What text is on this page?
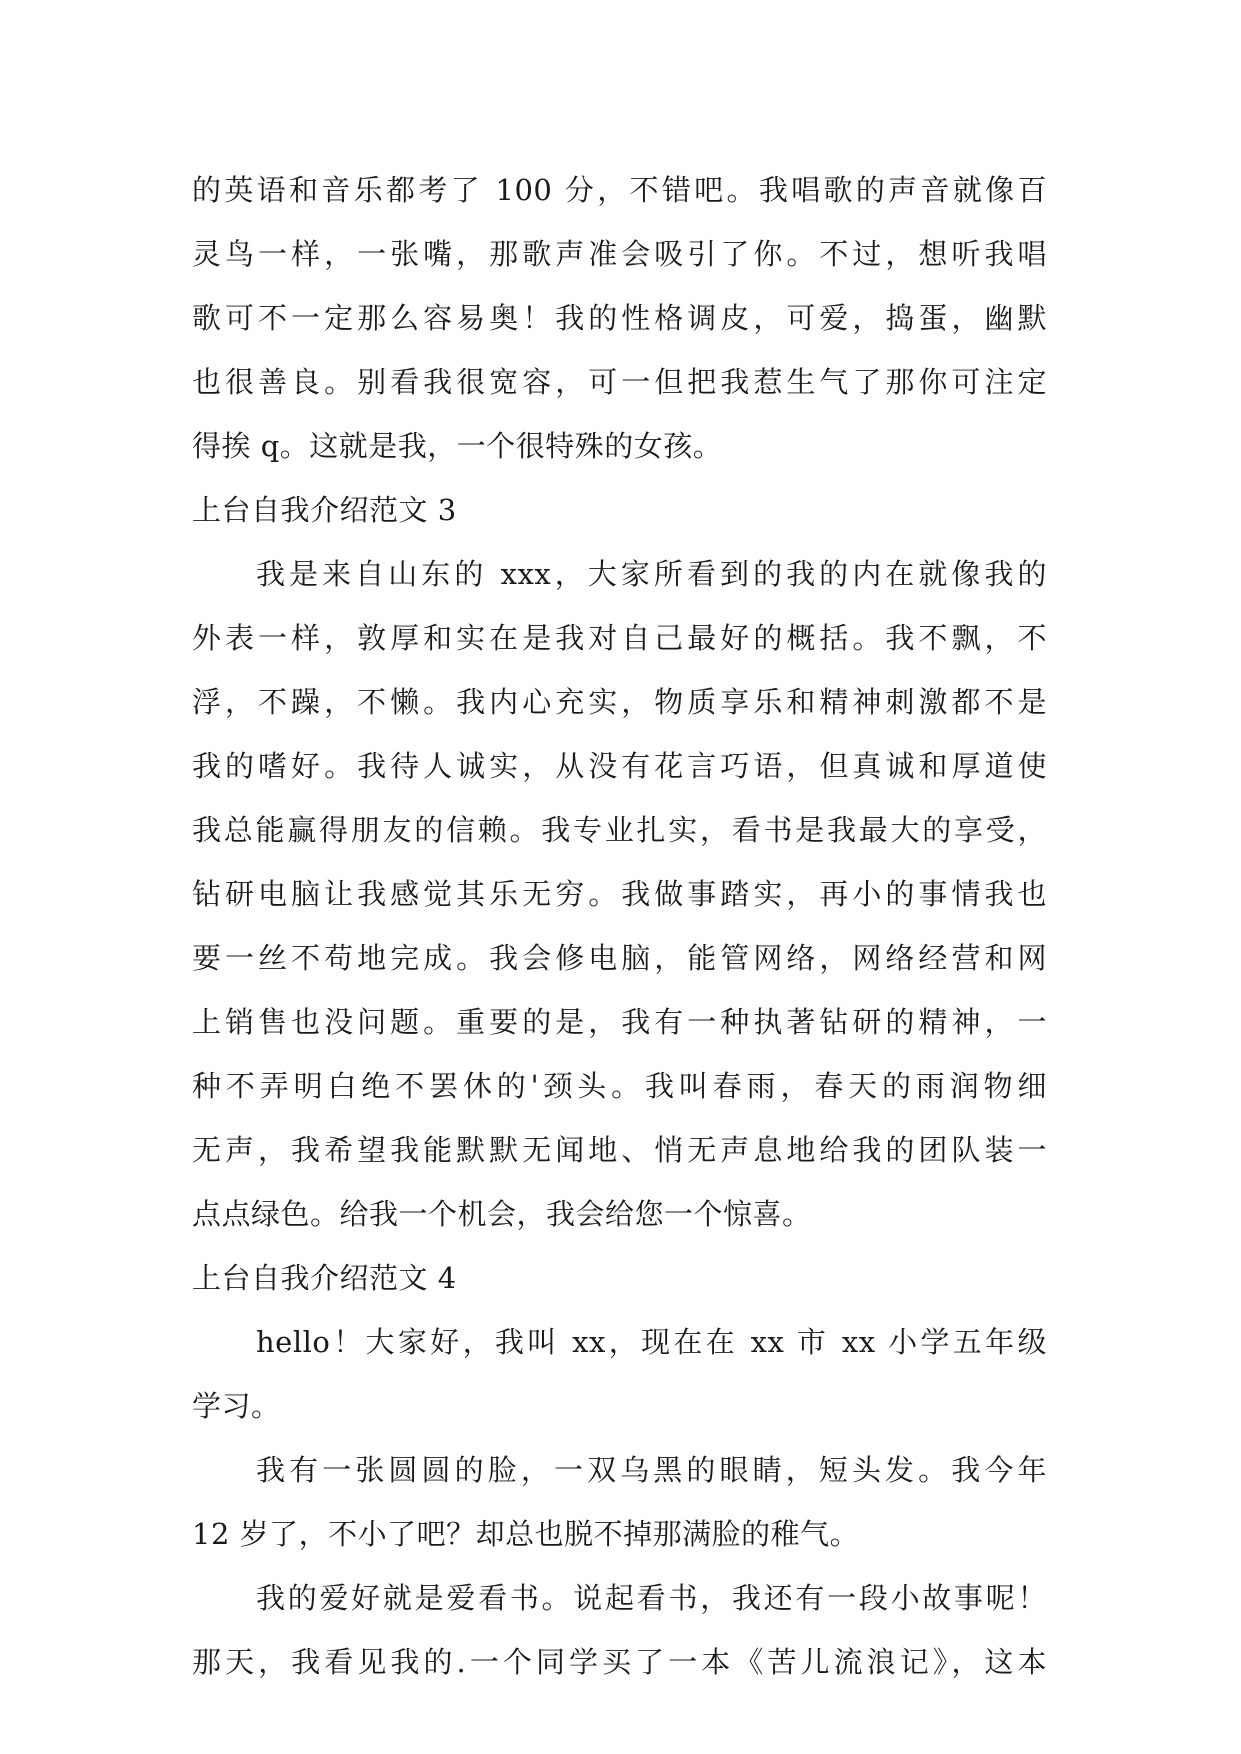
的英语和音乐都考了 100 分，不错吧。我唱歌的声音就像百
灵鸟一样，一张嘴，那歌声准会吸引了你。不过，想听我唱
歌可不一定那么容易奥！我的性格调皮，可爱，捣蛋，幽默
也很善良。别看我很宽容，可一但把我惹生气了那你可注定
得挨 q。这就是我，一个很特殊的女孩。
上台自我介绍范文 3
我是来自山东的 xxx，大家所看到的我的内在就像我的
外表一样，敦厚和实在是我对自己最好的概括。我不飘，不
浮，不躁，不懒。我内心充实，物质享乐和精神刺激都不是
我的嗜好。我待人诚实，从没有花言巧语，但真诚和厚道使
我总能赢得朋友的信赖。我专业扎实，看书是我最大的享受，
钻研电脑让我感觉其乐无穷。我做事踏实，再小的事情我也
要一丝不苟地完成。我会修电脑，能管网络，网络经营和网
上销售也没问题。重要的是，我有一种执著钻研的精神，一
种不弄明白绝不罢休的'颈头。我叫春雨，春天的雨润物细
无声，我希望我能默默无闻地、悄无声息地给我的团队装一
点点绿色。给我一个机会，我会给您一个惊喜。
上台自我介绍范文 4
hello！大家好，我叫 xx，现在在 xx 市 xx 小学五年级
学习。
我有一张圆圆的脸，一双乌黑的眼睛，短头发。我今年
12 岁了，不小了吧？却总也脱不掉那满脸的稚气。
我的爱好就是爱看书。说起看书，我还有一段小故事呢！
那天，我看见我的.一个同学买了一本《苦儿流浪记》，这本
